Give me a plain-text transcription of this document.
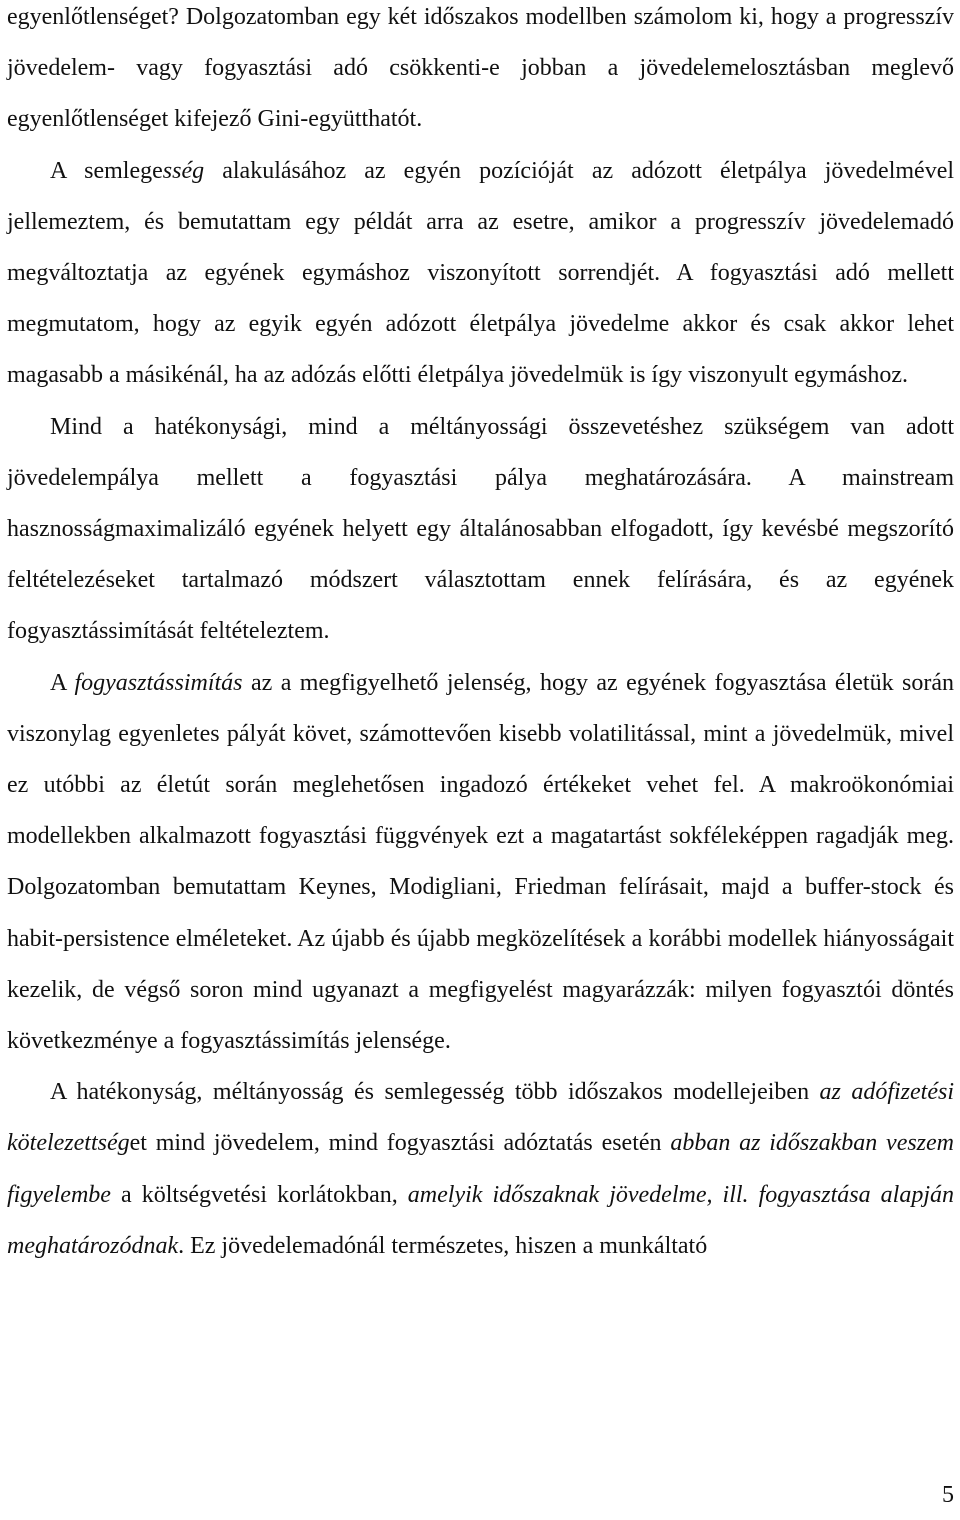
egyenlőtlenséget? Dolgozatomban egy két időszakos modellben számolom ki, hogy a progresszív jövedelem- vagy fogyasztási adó csökkenti-e jobban a jövedelemelosztásban meglevő egyenlőtlenséget kifejező Gini-együtthatót.

A semlegesség alakulásához az egyén pozícióját az adózott életpálya jövedelmével jellemeztem, és bemutattam egy példát arra az esetre, amikor a progresszív jövedelemadó megváltoztatja az egyének egymáshoz viszonyított sorrendjét. A fogyasztási adó mellett megmutatom, hogy az egyik egyén adózott életpálya jövedelme akkor és csak akkor lehet magasabb a másikénál, ha az adózás előtti életpálya jövedelmük is így viszonyult egymáshoz.

Mind a hatékonysági, mind a méltányossági összevetéshez szükségem van adott jövedelempálya mellett a fogyasztási pálya meghatározására. A mainstream hasznosságmaximalizáló egyének helyett egy általánosabban elfogadott, így kevésbé megszorító feltételezéseket tartalmazó módszert választottam ennek felírására, és az egyének fogyasztássimítását feltételeztem.

A fogyasztássimítás az a megfigyelhető jelenség, hogy az egyének fogyasztása életük során viszonylag egyenletes pályát követ, számottevően kisebb volatilitással, mint a jövedelmük, mivel ez utóbbi az életút során meglehetősen ingadozó értékeket vehet fel. A makroökonómiai modellekben alkalmazott fogyasztási függvények ezt a magatartást sokféleképpen ragadják meg. Dolgozatomban bemutattam Keynes, Modigliani, Friedman felírásait, majd a buffer-stock és habit-persistence elméleteket. Az újabb és újabb megközelítések a korábbi modellek hiányosságait kezelik, de végső soron mind ugyanazt a megfigyelést magyarázzák: milyen fogyasztói döntés következménye a fogyasztássimítás jelensége.

A hatékonyság, méltányosság és semlegesség több időszakos modellejeiben az adófizetési kötelezettséget mind jövedelem, mind fogyasztási adóztatás esetén abban az időszakban veszem figyelembe a költségvetési korlátokban, amelyik időszaknak jövedelme, ill. fogyasztása alapján meghatározódnak. Ez jövedelemadónál természetes, hiszen a munkáltató

5
